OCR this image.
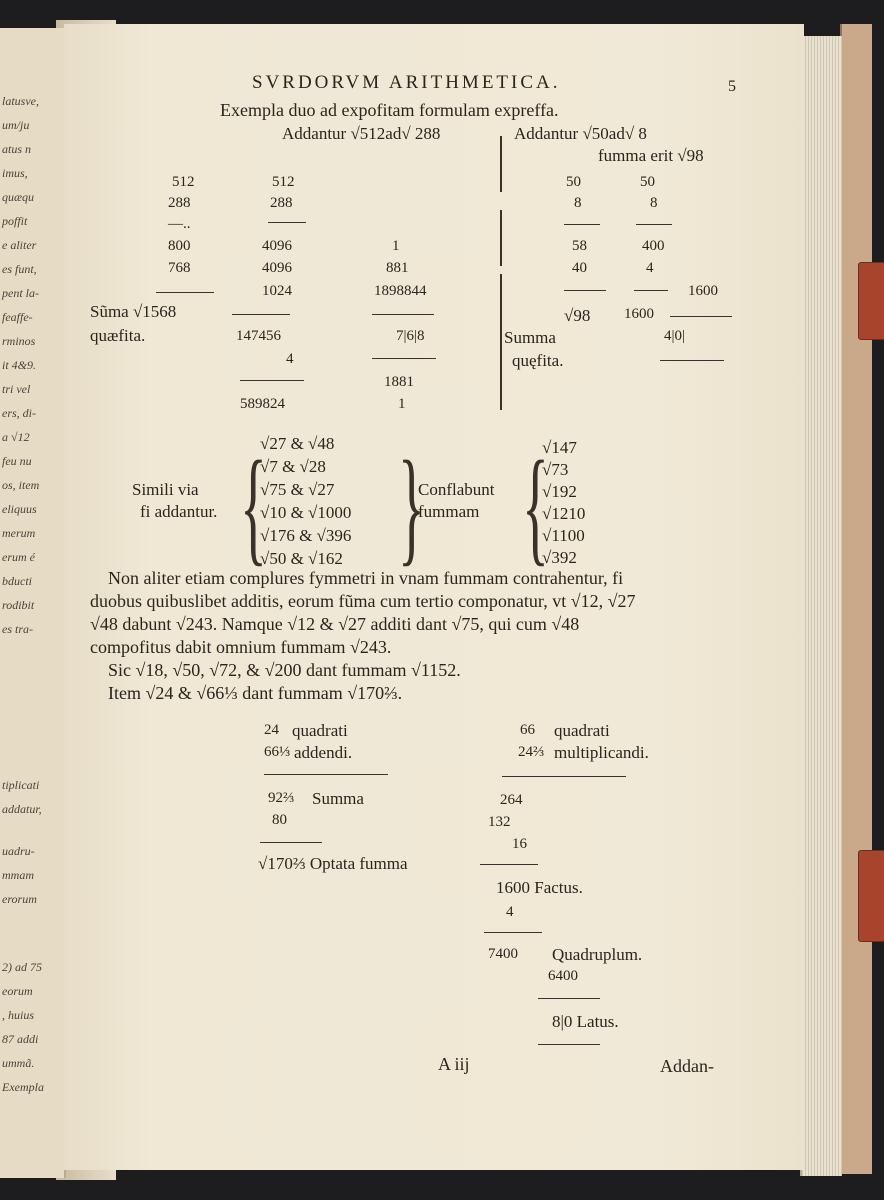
latusve,
um/ju
atus n
imus,
quæqu
poffit
e aliter
es funt,
pent la-
feaffe-
rminos
it 4&9.
tri vel
ers, di-
a √12
feu nu
os, item
eliquus
merum
erum é
bducti
rodibit
es tra-
tiplicati
addatur,
uadru-
mmam
erorum
2) ad 75
eorum
, huius
87 addi
ummã.
Exempla
SVRDORVM ARITHMETICA.	5
Exempla duo ad expofitam formulam expreffa.
Addantur √512ad√ 288
512
288
—..
800
768
Sũma √1568
quæfita.
512
288
4096
4096
1024
147456
4
589824
1
881
1898844
7|6|8
1881
1
Addantur √50ad√ 8
fumma erit √98
50
8
58
40
√98
Summa
quęfita.
50
8
400
4
1600
1600
4|0|
Simili via
fi addantur. {
√27 & √48
√7 & √28
√75 & √27
√10 & √1000
√176 & √396
√50 & √162 }
Conflabunt
fummam {
√147
√73
√192
√1210
√1100
√392
Non aliter etiam complures fymmetri in vnam fummam contrahentur, fi
duobus quibuslibet additis, eorum fũma cum tertio componatur, vt √12, √27
√48 dabunt √243. Namque √12 & √27 additi dant √75, qui cum √48
compofitus dabit omnium fummam √243.
Sic √18, √50, √72, & √200 dant fummam √1152.
Item √24 & √66⅓ dant fummam √170⅔.
24 quadrati
66⅓ addendi.
92⅔ Summa
80
√170⅔ Optata fumma
66 quadrati
24⅔ multiplicandi.
264
132
16
1600 Factus.
4
7400 Quadruplum.
6400
8|0 Latus.
A iij	Addan-
